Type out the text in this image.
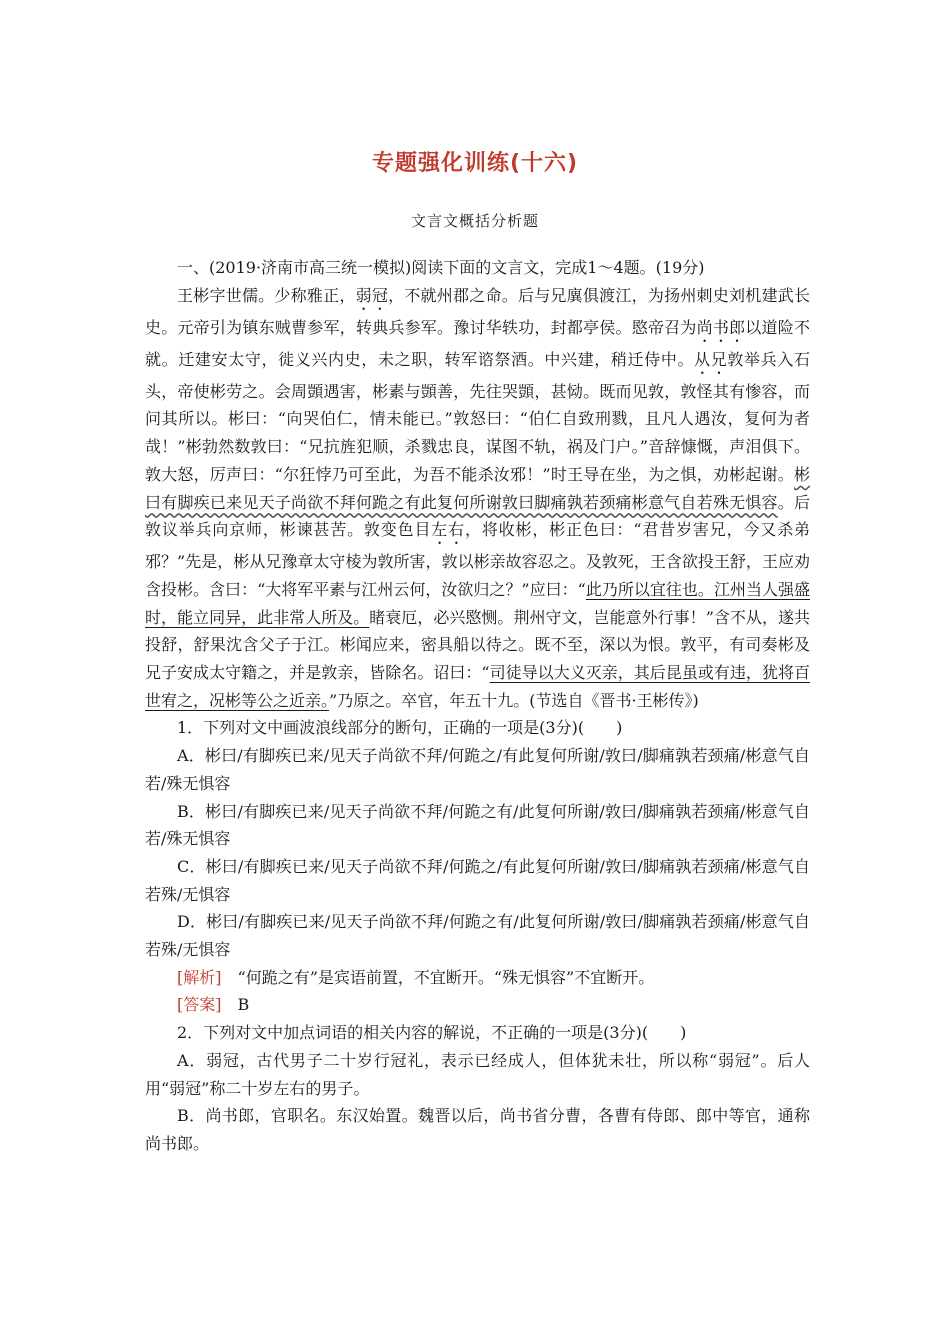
专题强化训练(十六)
文言文概括分析题

一、(2019·济南市高三统一模拟)阅读下面的文言文，完成1～4题。(19分)

王彬字世儒。少称雅正，弱冠，不就州郡之命。后与兄廙俱渡江，为扬州刺史刘机建武长史。元帝引为镇东贼曹参军，转典兵参军。豫讨华轶功，封都亭侯。愍帝召为尚书郎以道险不就。迁建安太守，徙义兴内史，未之职，转军谘祭酒。中兴建，稍迁侍中。从兄敦举兵入石头，帝使彬劳之。会周顗遇害，彬素与顗善，先往哭顗，甚恸。既而见敦，敦怪其有惨容，而问其所以。彬曰：“向哭伯仁，情未能已。”敦怒曰：“伯仁自致刑戮，且凡人遇汝，复何为者哉！”彬勃然数敦曰：“兄抗旌犯顺，杀戮忠良，谋图不轨，祸及门户。”音辞慷慨，声泪俱下。敦大怒，厉声曰：“尔狂悖乃可至此，为吾不能杀汝邪！”时王导在坐，为之惧，劝彬起谢。彬曰有脚疾已来见天子尚欲不拜何跪之有此复何所谢敦曰脚痛孰若颈痛彬意气自若殊无惧容。后敦议举兵向京师，彬谏甚苦。敦变色目左右，将收彬，彬正色曰：“君昔岁害兄，今又杀弟邪？”先是，彬从兄豫章太守棱为敦所害，敦以彬亲故容忍之。及敦死，王含欲投王舒，王应劝含投彬。含曰：“大将军平素与江州云何，汝欲归之？”应曰：“此乃所以宜往也。江州当人强盛时，能立同异，此非常人所及。睹衰厄，必兴愍恻。荆州守文，岂能意外行事！”含不从，遂共投舒，舒果沈含父子于江。彬闻应来，密具船以待之。既不至，深以为恨。敦平，有司奏彬及兄子安成太守籍之，并是敦亲，皆除名。诏曰：“司徒导以大义灭亲，其后昆虽或有违，犹将百世宥之，况彬等公之近亲。”乃原之。卒官，年五十九。(节选自《晋书·王彬传》)

1．下列对文中画波浪线部分的断句，正确的一项是(3分)(　　)

A．彬曰/有脚疾已来/见天子尚欲不拜/何跪之/有此复何所谢/敦曰/脚痛孰若颈痛/彬意气自若/殊无惧容

B．彬曰/有脚疾已来/见天子尚欲不拜/何跪之有/此复何所谢/敦曰/脚痛孰若颈痛/彬意气自若/殊无惧容

C．彬曰/有脚疾已来/见天子尚欲不拜/何跪之/有此复何所谢/敦曰/脚痛孰若颈痛/彬意气自若殊/无惧容

D．彬曰/有脚疾已来/见天子尚欲不拜/何跪之有/此复何所谢/敦曰/脚痛孰若颈痛/彬意气自若殊/无惧容

[解析]　 “何跪之有”是宾语前置，不宜断开。“殊无惧容”不宜断开。

[答案]　 B

2．下列对文中加点词语的相关内容的解说，不正确的一项是(3分)(　　)

A．弱冠，古代男子二十岁行冠礼，表示已经成人，但体犹未壮，所以称“弱冠”。后人用“弱冠”称二十岁左右的男子。

B．尚书郎，官职名。东汉始置。魏晋以后，尚书省分曹，各曹有侍郎、郎中等官，通称尚书郎。
